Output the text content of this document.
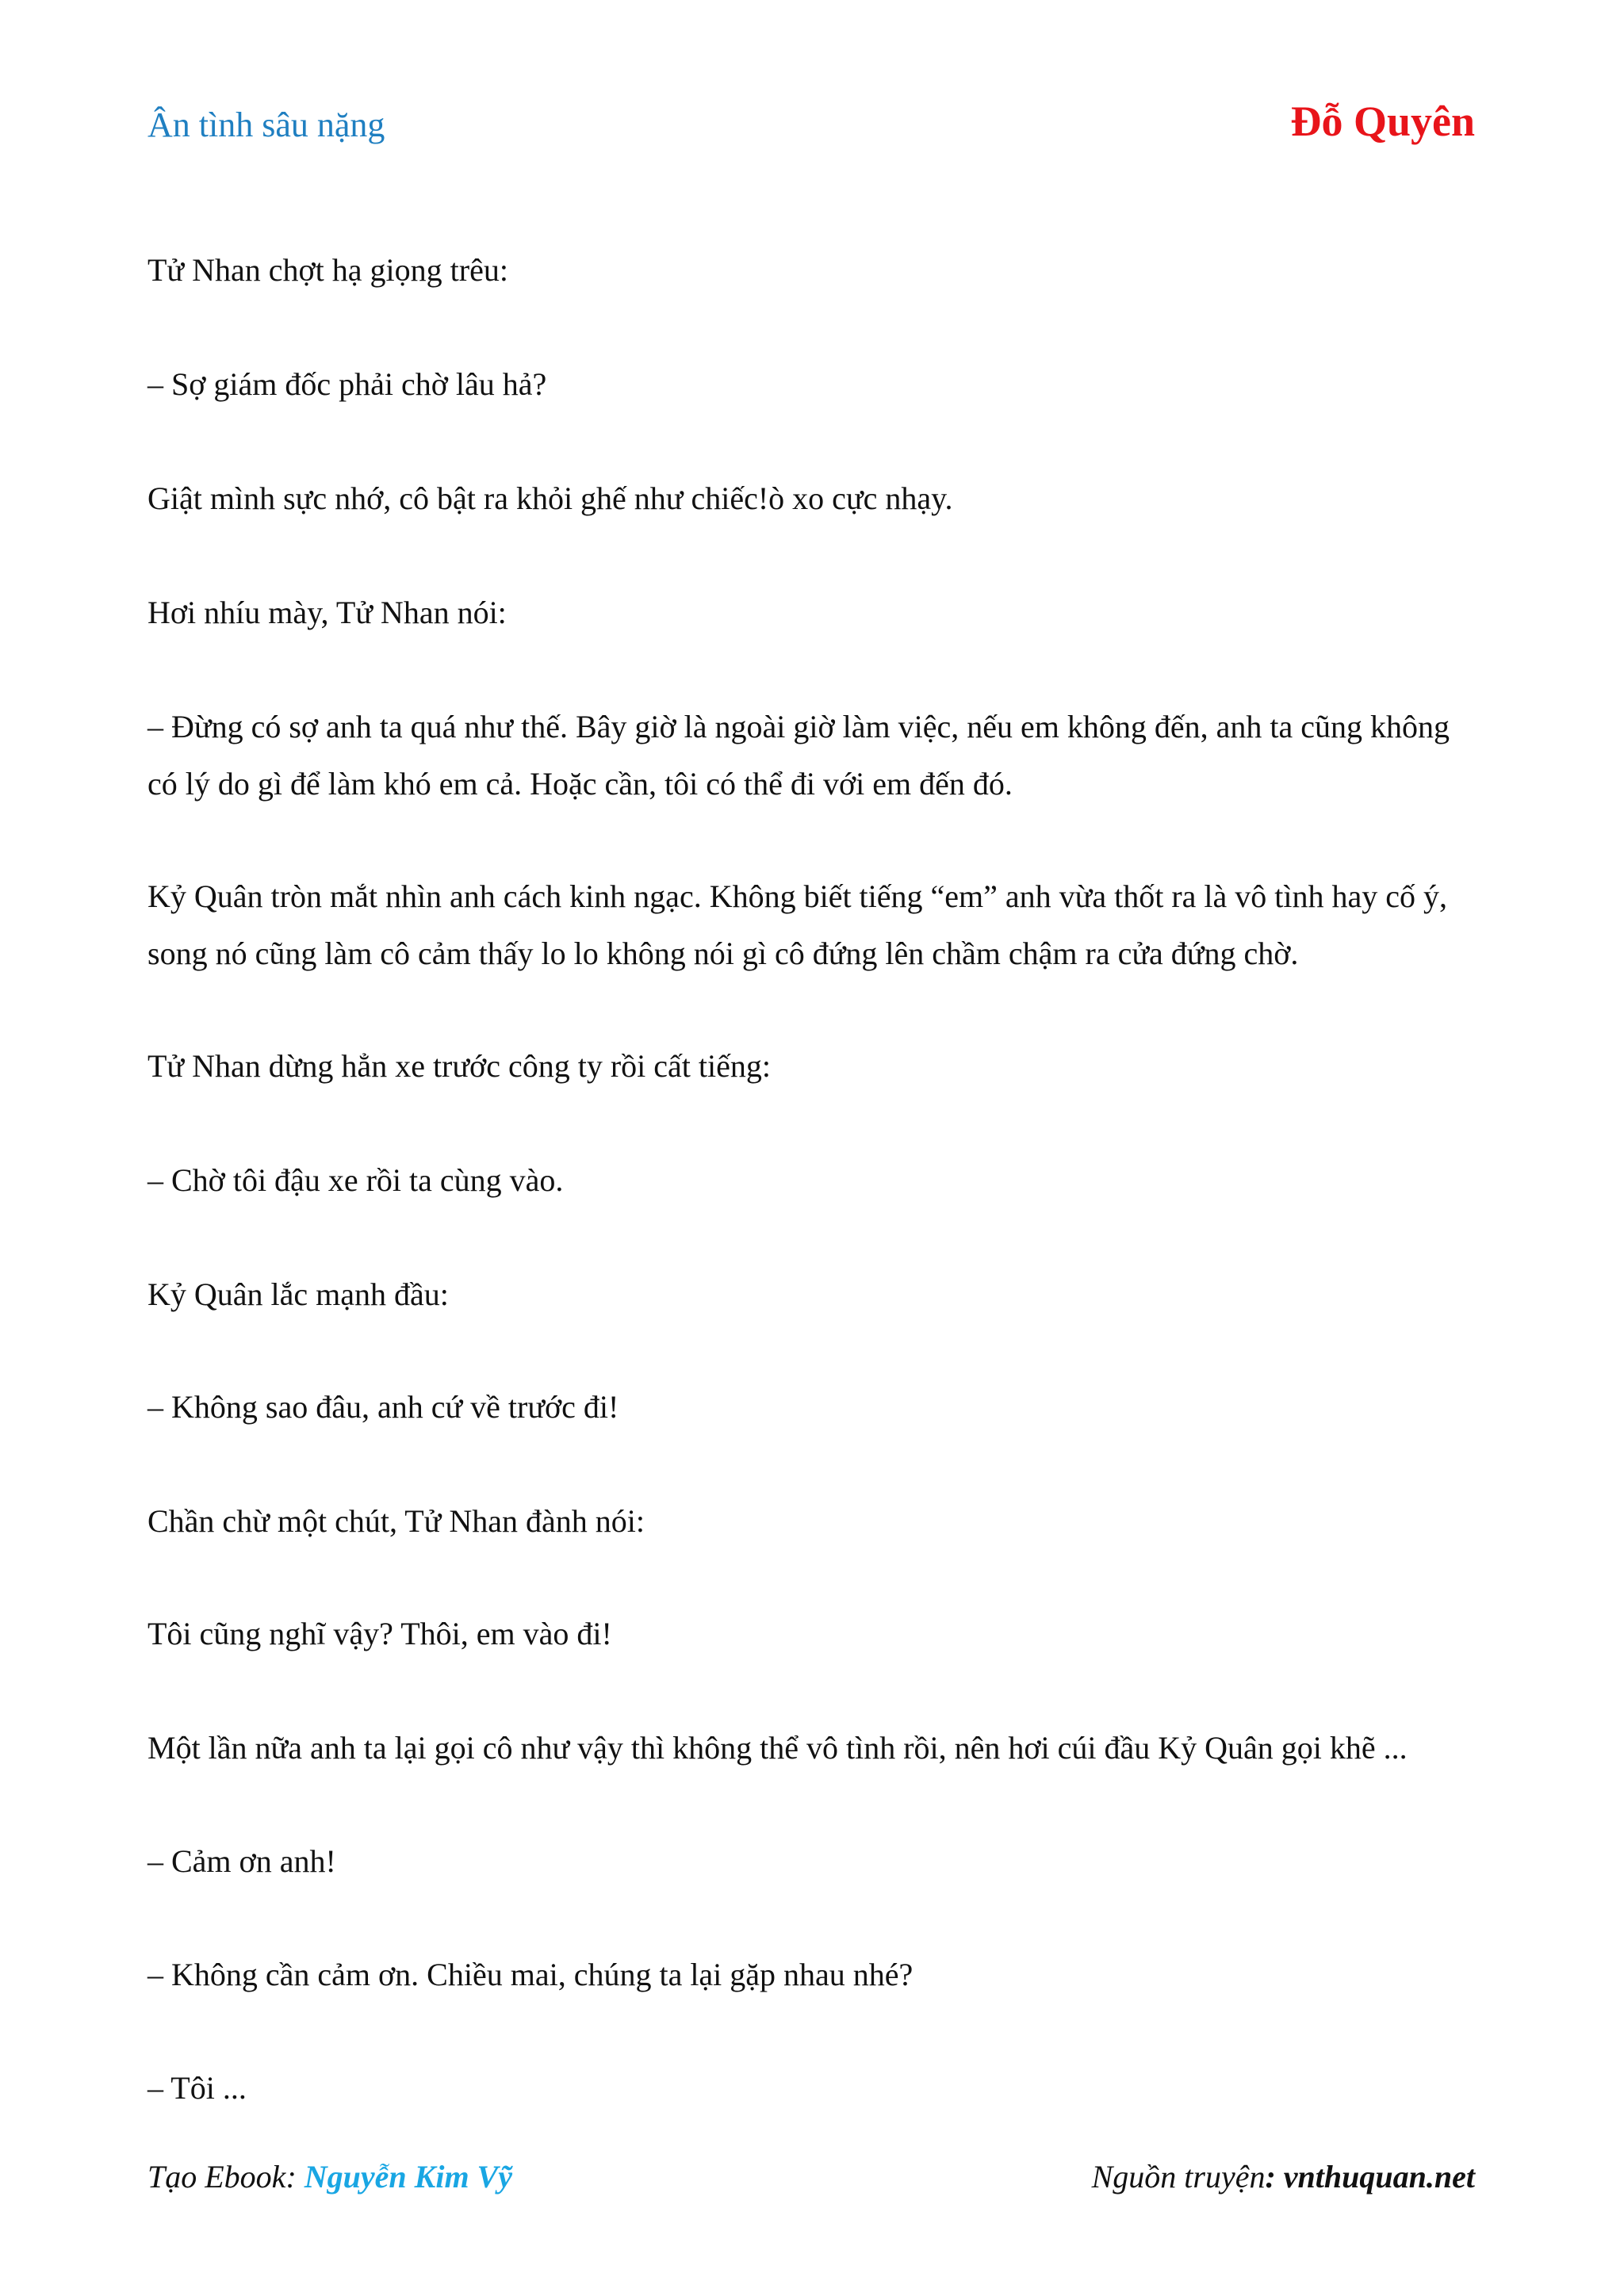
Ân tình sâu nặng	Đỗ Quyên

Tử Nhan chợt hạ giọng trêu:

– Sợ giám đốc phải chờ lâu hả?

Giật mình sực nhớ, cô bật ra khỏi ghế như chiếc!ò xo cực nhạy.

Hơi nhíu mày, Tử Nhan nói:

– Đừng có sợ anh ta quá như thế. Bây giờ là ngoài giờ làm việc, nếu em không đến, anh ta cũng không có lý do gì để làm khó em cả. Hoặc cần, tôi có thể đi với em đến đó.

Kỷ Quân tròn mắt nhìn anh cách kinh ngạc. Không biết tiếng “em” anh vừa thốt ra là vô tình hay cố ý, song nó cũng làm cô cảm thấy lo lo không nói gì cô đứng lên chầm chậm ra cửa đứng chờ.

Tử Nhan dừng hẳn xe trước công ty rồi cất tiếng:

– Chờ tôi đậu xe rồi ta cùng vào.

Kỷ Quân lắc mạnh đầu:

– Không sao đâu, anh cứ về trước đi!

Chần chừ một chút, Tử Nhan đành nói:

Tôi cũng nghĩ vậy? Thôi, em vào đi!

Một lần nữa anh ta lại gọi cô như vậy thì không thể vô tình rồi, nên hơi cúi đầu Kỷ Quân gọi khẽ ...

– Cảm ơn anh!

– Không cần cảm ơn. Chiều mai, chúng ta lại gặp nhau nhé?

– Tôi ...

Tạo Ebook: Nguyễn Kim Vỹ	Nguồn truyện: vnthuquan.net
